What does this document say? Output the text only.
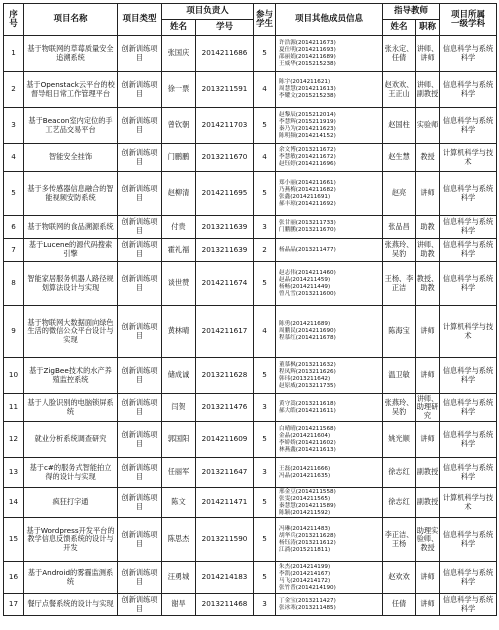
序
号	项目名称	项目类型	项目负责人		参与
学生	项目其他成员信息	指导教师		项目所属
一级学科
			姓名	学号			姓名	职称	
1	基于物联网的草莓质量安全追溯系统	创新训练项目	张国庆	2014211686	5	许浩源(2014211673)
夏仕明(2014211693)
邵丽娟(2014211689)
王威华(2015215238)	张永定、任倩	讲师、讲师	信息科学与系统科学
2	基于Openstack云平台的校督导组日常工作管理平台	创新训练项目	徐一票	2013211591	4	陈宇(2014211621)
周慧慧(2014211613)
李耀文(2015215238)	赵欢欢、王正山	讲师、副教授	信息科学与系统科学
3	基于Beacon室内定位的手工艺品交易平台	创新训练项目	曾钦朝	2014211703	5	赵黎辰(2015212014)
李慧辉(2015211919)
秦乃为(2014211623)
陈明频(2014214152)	赵国柱	实验师	信息科学与系统科学
4	智能安全挂饰	创新训练项目	门鹏鹏	2013211670	4	余文博(2013211672)
李慧敏(2014211672)
赵钰婷(2014211696)	赵生慧	教授	计算机科学与技术
5	基于多传感器信息融合的智能视频安防系统	创新训练项目	赵柳清	2014211695	5	郑小丽(2014211661)
乃燕梅(2014211682)
张鑫(2014211691)
郝丰琼(2014211692)	赵亮	讲师	信息科学与系统科学
6	基于物联网的食品溯源系统	创新训练项目	付贵	2013211639	3	张甘丽(2013211733)
门鹏鹏(2013211670)	张品昌	助教	信息科学与系统科学
7	基于Lucene的源代码搜索引擎	创新训练项目	霍礼福	2013211639	2	杨晶晶(2013211477)	张燕玲、吴豹	讲师、助教	信息科学与系统科学
8	智能家居服务机器人路径规划算法设计与实现	创新训练项目	谈世赞	2014211674	5	赵志伟(2014211460)
赵晶(2014211459)
杨畅(2014211449)
曾凡雪(2013211600)	王杨、李正洁	教授、助教	信息科学与系统科学
9	基于物联网大数据面向绿色生活的微信公众平台设计与实现	创新训练项目	黄林晴	2014211617	4	陈勇(2014211689)
周鹏民(2014211690)
程慕红(2014211678)	陈海宝	讲师	计算机科学与技术
10	基于ZigBee技术的水产养殖监控系统	创新训练项目	储成诚	2013211628	5	董慕枫(2013211632)
程凤辉(2013211626)
韩玮(2013211642)
赵原威(2013211735)	温卫敏	讲师	信息科学与系统科学
11	基于人脸识别的电脑锁屏系统	创新训练项目	闫贺	2013211476	3	黄守嵩(2013211618)
郝大皓(2014211611)	张燕玲、吴豹	讲师、助理研究	信息科学与系统科学
12	就业分析系统调查研究	创新训练项目	郭国阳	2014211609	5	白晴晴(2014211568)
金晶(2014211604)
李娇娇(2014211602)
林燕鑫(2014211613)	姚光顺	讲师	信息科学与系统科学
13	基于c#的服务式智能拍立得的设计与实现	创新训练项目	任丽军	2013211647	3	王磊(2014211666)
冯晶(2014211635)	徐志红	副教授	信息科学与系统科学
14	疯狂打字通	创新训练项目	陈文	2014211471	5	邢金豆(2014211558)
张雯(2014211565)
秦慧慧(2014211589)
陈颖(2014211592)	徐志红	副教授	计算机科学与技术
15	基于Wordpress开发平台的教学信息反馈系统的设计与开发	创新训练项目	陈思杰	2013211590	5	冯琳(2014211483)
胡华兵(2013211628)
杨钰涛(2013211612)
江淌(2015211811)	李正洁、王杨	助理实验师、教授	信息科学与系统科学
16	基于Android的雾霾监测系统	创新训练项目	汪勇城	2014214183	5	朱杰(2014214199)
李凯(2014214167)
马飞(2014214172)
张竹普(2014214190)	赵欢欢	讲师	信息科学与系统科学
17	餐厅点餐系统的设计与实现	创新训练项目	谢旱	2013211468	3	丁金宝(2013211427)
张冰寒(2013211485)	任倩	讲师	信息科学与系统科学
